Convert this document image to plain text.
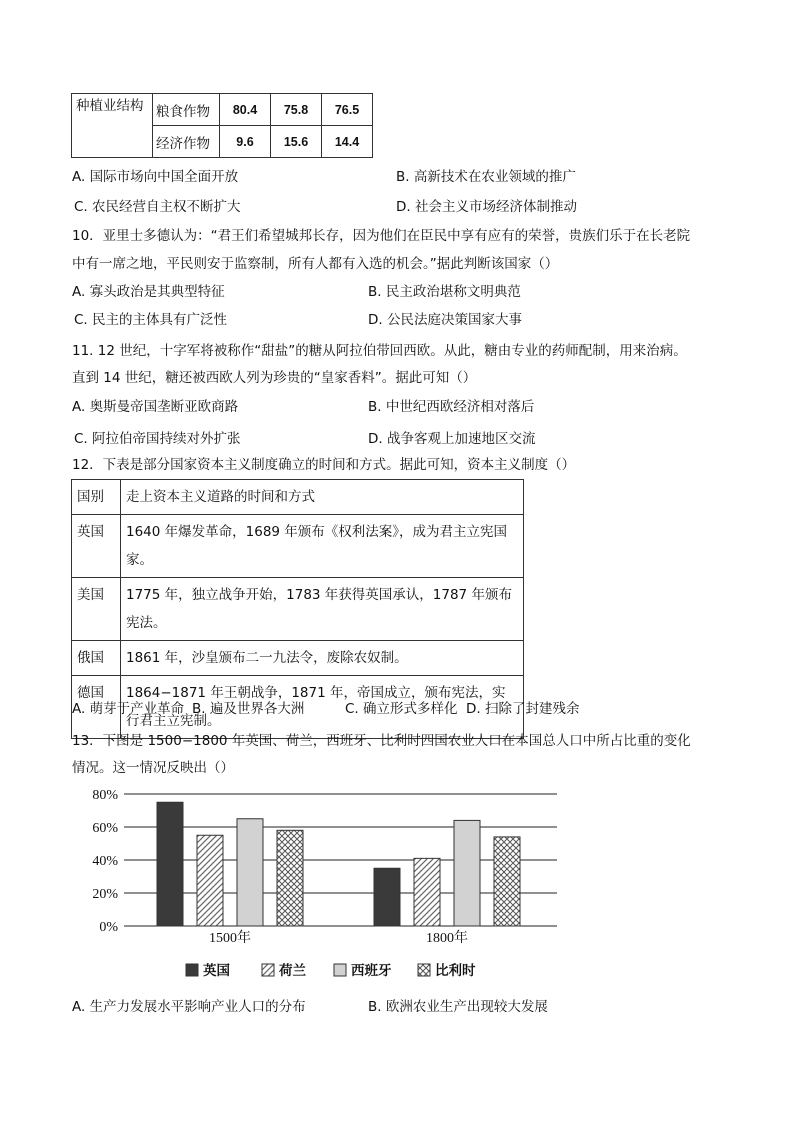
种植业结构	粮食作物	80.4	75.8	76.5
	经济作物	9.6	15.6	14.4
A. 国际市场向中国全面开放	B. 高新技术在农业领域的推广
C. 农民经营自主权不断扩大	D. 社会主义市场经济体制推动
10．亚里士多德认为：“君王们希望城邦长存，因为他们在臣民中享有应有的荣誉，贵族们乐于在长老院
中有一席之地，平民则安于监察制，所有人都有入选的机会。”据此判断该国家（）
A. 寡头政治是其典型特征	B. 民主政治堪称文明典范
C. 民主的主体具有广泛性	D. 公民法庭决策国家大事
11. 12 世纪，十字军将被称作“甜盐”的糖从阿拉伯带回西欧。从此，糖由专业的药师配制，用来治病。
直到 14 世纪，糖还被西欧人列为珍贵的“皇家香料”。据此可知（）
A. 奥斯曼帝国垄断亚欧商路	B. 中世纪西欧经济相对落后
C. 阿拉伯帝国持续对外扩张	D. 战争客观上加速地区交流
12．下表是部分国家资本主义制度确立的时间和方式。据此可知，资本主义制度（）
国别	走上资本主义道路的时间和方式
英国	1640 年爆发革命，1689 年颁布《权利法案》，成为君主立宪国家。
美国	1775 年，独立战争开始，1783 年获得英国承认，1787 年颁布宪法。
俄国	1861 年，沙皇颁布二一九法令，废除农奴制。
德国	1864−1871 年王朝战争，1871 年，帝国成立，颁布宪法，实行君主立宪制。
A. 萌芽于产业革命 B. 遍及世界各大洲	C. 确立形式多样化 D. 扫除了封建残余
13．下图是 1500−1800 年英国、荷兰，西班牙、比利时四国农业人口在本国总人口中所占比重的变化
情况。这一情况反映出（）
0%
20%
40%
60%
80%
1500年	1800年
英国	荷兰	西班牙	比利时
A. 生产力发展水平影响产业人口的分布	B. 欧洲农业生产出现较大发展
